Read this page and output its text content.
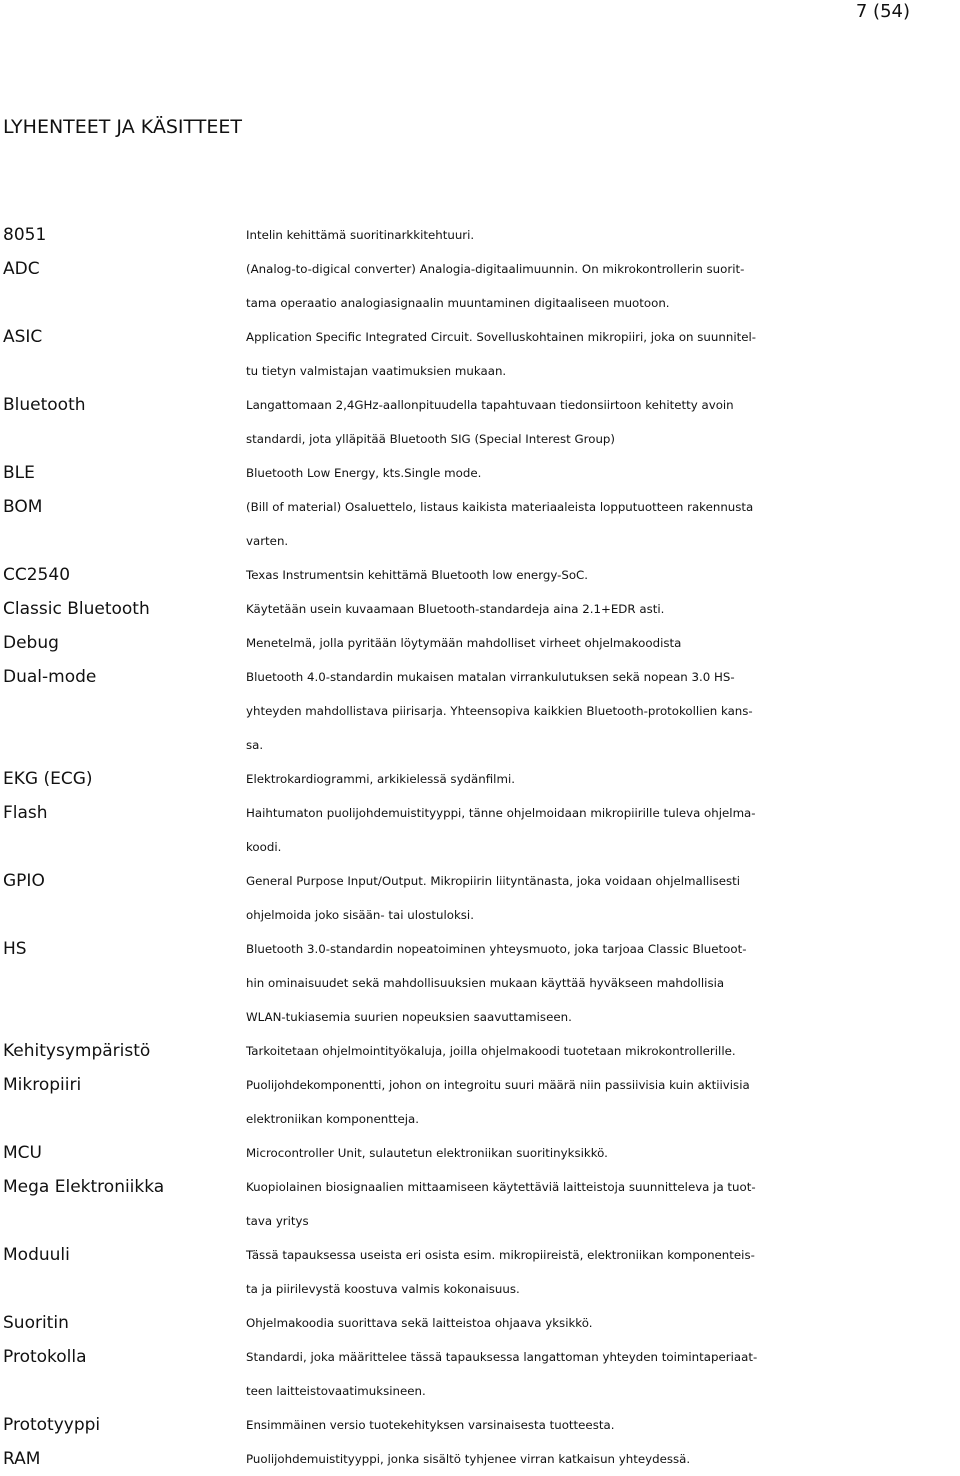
7 (54)
LYHENTEET JA KÄSITTEET
8051	Intelin kehittämä suoritinarkkitehtuuri.
ADC	(Analog-to-digical converter) Analogia-digitaalimuunnin. On mikrokontrollerin suorit-
tama operaatio analogiasignaalin muuntaminen digitaaliseen muotoon.
ASIC	Application Specific Integrated Circuit. Sovelluskohtainen mikropiiri, joka on suunnitel-
tu tietyn valmistajan vaatimuksien mukaan.
Bluetooth	Langattomaan 2,4GHz-aallonpituudella tapahtuvaan tiedonsiirtoon kehitetty avoin
standardi, jota ylläpitää Bluetooth SIG (Special Interest Group)
BLE	Bluetooth Low Energy, kts.Single mode.
BOM	(Bill of material) Osaluettelo, listaus kaikista materiaaleista lopputuotteen rakennusta
varten.
CC2540	Texas Instrumentsin kehittämä Bluetooth low energy-SoC.
Classic Bluetooth	Käytetään usein kuvaamaan Bluetooth-standardeja aina 2.1+EDR asti.
Debug	Menetelmä, jolla pyritään löytymään mahdolliset virheet ohjelmakoodista
Dual-mode	Bluetooth 4.0-standardin mukaisen matalan virrankulutuksen sekä nopean 3.0 HS-
yhteyden mahdollistava piirisarja. Yhteensopiva kaikkien Bluetooth-protokollien kans-
sa.
EKG (ECG)	Elektrokardiogrammi, arkikielessä sydänfilmi.
Flash	Haihtumaton puolijohdemuistityyppi, tänne ohjelmoidaan mikropiirille tuleva ohjelma-
koodi.
GPIO	General Purpose Input/Output. Mikropiirin liityntänasta, joka voidaan ohjelmallisesti
ohjelmoida joko sisään- tai ulostuloksi.
HS	Bluetooth 3.0-standardin nopeatoiminen yhteysmuoto, joka tarjoaa Classic Bluetoot-
hin ominaisuudet sekä mahdollisuuksien mukaan käyttää hyväkseen mahdollisia
WLAN-tukiasemia suurien nopeuksien saavuttamiseen.
Kehitysympäristö	Tarkoitetaan ohjelmointityökaluja, joilla ohjelmakoodi tuotetaan mikrokontrollerille.
Mikropiiri	Puolijohdekomponentti, johon on integroitu suuri määrä niin passiivisia kuin aktiivisia
elektroniikan komponentteja.
MCU	Microcontroller Unit, sulautetun elektroniikan suoritinyksikkö.
Mega Elektroniikka	Kuopiolainen biosignaalien mittaamiseen käytettäviä laitteistoja suunnitteleva ja tuot-
tava yritys
Moduuli	Tässä tapauksessa useista eri osista esim. mikropiireistä, elektroniikan komponenteis-
ta ja piirilevystä koostuva valmis kokonaisuus.
Suoritin	Ohjelmakoodia suorittava sekä laitteistoa ohjaava yksikkö.
Protokolla	Standardi, joka määrittelee tässä tapauksessa langattoman yhteyden toimintaperiaat-
teen laitteistovaatimuksineen.
Prototyyppi	Ensimmäinen versio tuotekehityksen varsinaisesta tuotteesta.
RAM	Puolijohdemuistityyppi, jonka sisältö tyhjenee virran katkaisun yhteydessä.
